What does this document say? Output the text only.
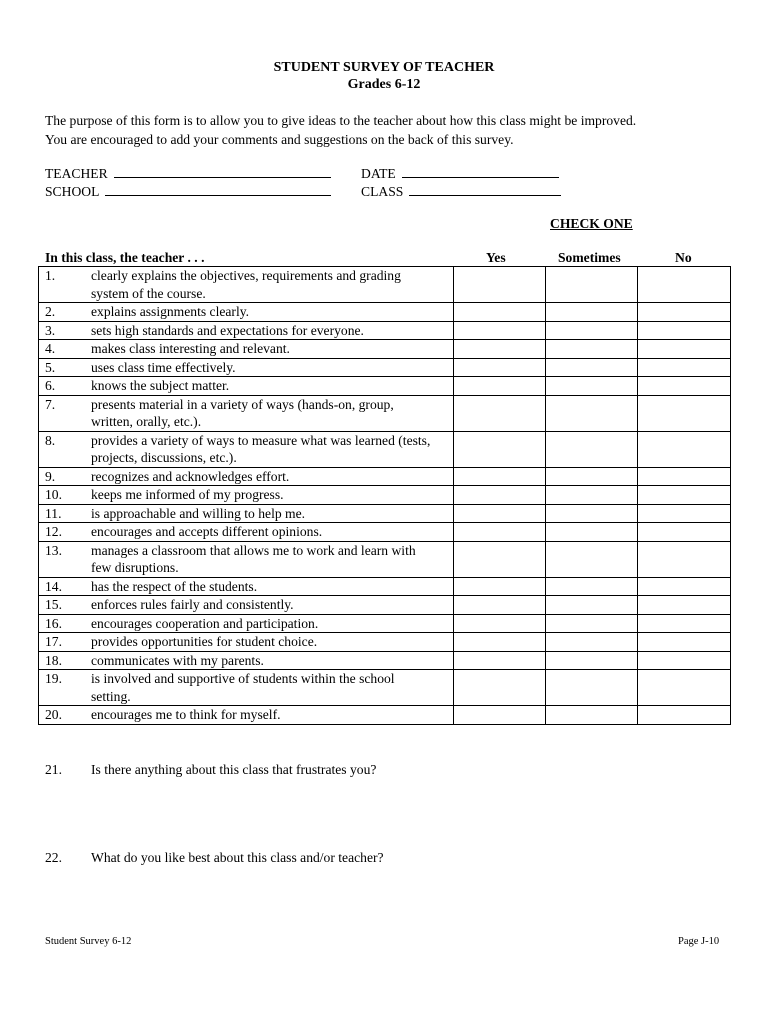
STUDENT SURVEY OF TEACHER
Grades 6-12

The purpose of this form is to allow you to give ideas to the teacher about how this class might be improved.

You are encouraged to add your comments and suggestions on the back of this survey.

TEACHER
SCHOOL
DATE
CLASS
CHECK ONE
In this class, the teacher . . .	Yes	Sometimes	No
1. clearly explains the objectives, requirements and grading system of the course.			
2. explains assignments clearly.			
3. sets high standards and expectations for everyone.			
4. makes class interesting and relevant.			
5. uses class time effectively.			
6. knows the subject matter.			
7. presents material in a variety of ways (hands-on, group, written, orally, etc.).			
8. provides a variety of ways to measure what was learned (tests, projects, discussions, etc.).			
9. recognizes and acknowledges effort.			
10. keeps me informed of my progress.			
11. is approachable and willing to help me.			
12. encourages and accepts different opinions.			
13. manages a classroom that allows me to work and learn with few disruptions.			
14. has the respect of the students.			
15. enforces rules fairly and consistently.			
16. encourages cooperation and participation.			
17. provides opportunities for student choice.			
18. communicates with my parents.			
19. is involved and supportive of students within the school setting.			
20. encourages me to think for myself.			
21. Is there anything about this class that frustrates you?
22. What do you like best about this class and/or teacher?
Student Survey 6-12	Page J-10
